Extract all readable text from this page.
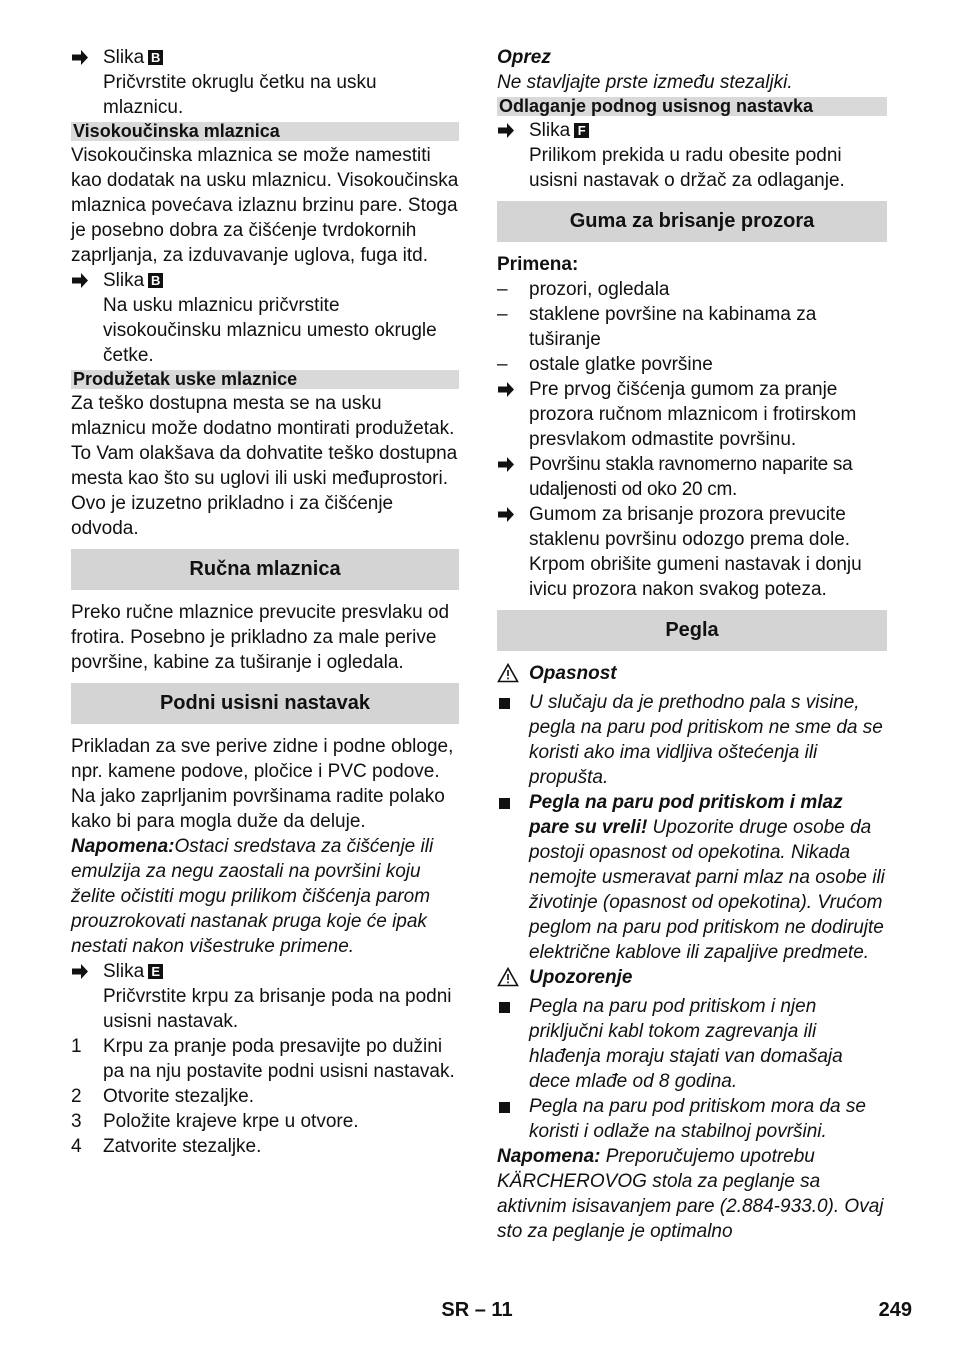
Slika B

Pričvrstite okruglu četku na usku mlaznicu.

Visokoučinska mlaznica

Visokoučinska mlaznica se može namestiti kao dodatak na usku mlaznicu. Visokoučinska mlaznica povećava izlaznu brzinu pare. Stoga je posebno dobra za čišćenje tvrdokornih zaprljanja, za izduvavanje uglova, fuga itd.

Slika B

Na usku mlaznicu pričvrstite visokoučinsku mlaznicu umesto okrugle četke.

Produžetak uske mlaznice

Za teško dostupna mesta se na usku mlaznicu može dodatno montirati produžetak. To Vam olakšava da dohvatite teško dostupna mesta kao što su uglovi ili uski međuprostori. Ovo je izuzetno prikladno i za čišćenje odvoda.

Ručna mlaznica

Preko ručne mlaznice prevucite presvlaku od frotira. Posebno je prikladno za male perive površine, kabine za tuširanje i ogledala.

Podni usisni nastavak

Prikladan za sve perive zidne i podne obloge, npr. kamene podove, pločice i PVC podove. Na jako zaprljanim površinama radite polako kako bi para mogla duže da deluje.

Napomena:Ostaci sredstava za čišćenje ili emulzija za negu zaostali na površini koju želite očistiti mogu prilikom čišćenja parom prouzrokovati nastanak pruga koje će ipak nestati nakon višestruke primene.

Slika E

Pričvrstite krpu za brisanje poda na podni usisni nastavak.

1	Krpu za pranje poda presavijte po dužini pa na nju postavite podni usisni nastavak.
2	Otvorite stezaljke.
3	Položite krajeve krpe u otvore.
4	Zatvorite stezaljke.

Oprez

Ne stavljajte prste između stezaljki.

Odlaganje podnog usisnog nastavka

Slika F

Prilikom prekida u radu obesite podni usisni nastavak o držač za odlaganje.

Guma za brisanje prozora

Primena:

–	prozori, ogledala
–	staklene površine na kabinama za tuširanje
–	ostale glatke površine
Pre prvog čišćenja gumom za pranje prozora ručnom mlaznicom i frotirskom presvlakom odmastite površinu.
Površinu stakla ravnomerno naparite sa udaljenosti od oko 20 cm.
Gumom za brisanje prozora prevucite staklenu površinu odozgo prema dole. Krpom obrišite gumeni nastavak i donju ivicu prozora nakon svakog poteza.
Pegla
Opasnost
U slučaju da je prethodno pala s visine, pegla na paru pod pritiskom ne sme da se koristi ako ima vidljiva oštećenja ili propušta.
Pegla na paru pod pritiskom i mlaz pare su vreli! Upozorite druge osobe da postoji opasnost od opekotina. Nikada nemojte usmeravat parni mlaz na osobe ili životinje (opasnost od opekotina). Vrućom peglom na paru pod pritiskom ne dodirujte električne kablove ili zapaljive predmete.
Upozorenje
Pegla na paru pod pritiskom i njen priključni kabl tokom zagrevanja ili hlađenja moraju stajati van domašaja dece mlađe od 8 godina.
Pegla na paru pod pritiskom mora da se koristi i odlaže na stabilnoj površini.

Napomena: Preporučujemo upotrebu KÄRCHEROVOG stola za peglanje sa aktivnim isisavanjem pare (2.884-933.0). Ovaj sto za peglanje je optimalno

SR – 11	249
